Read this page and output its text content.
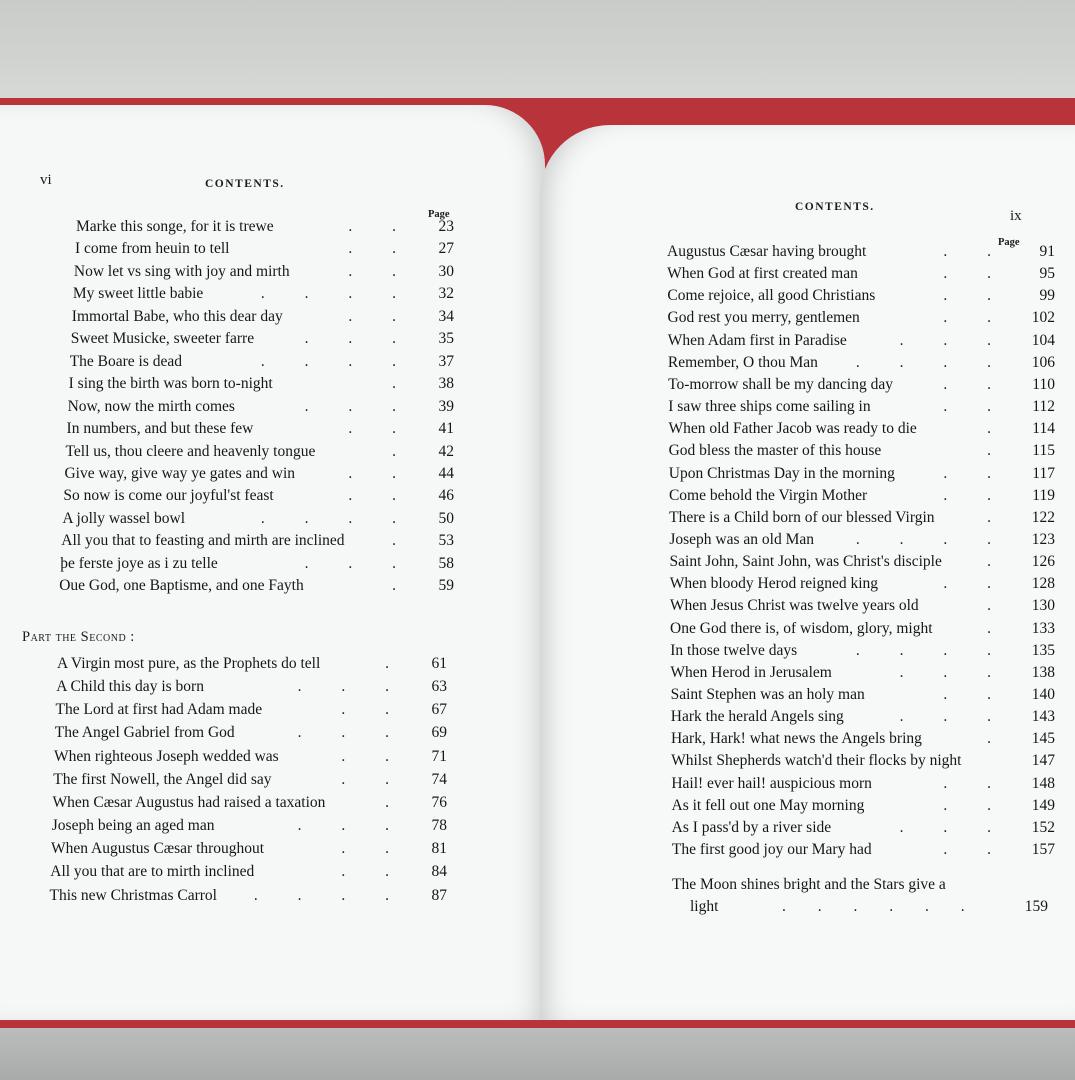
vi	CONTENTS.
Page
Marke this songe, for it is trewe	. . 23
I come from heuin to tell	. . 27
Now let vs sing with joy and mirth	. . 30
My sweet little babie	. . . . 32
Immortal Babe, who this dear day	. . 34
Sweet Musicke, sweeter farre	. . . 35
The Boare is dead	. . . . 37
I sing the birth was born to-night	. 38
Now, now the mirth comes	. . . 39
In numbers, and but these few	. . 41
Tell us, thou cleere and heavenly tongue	. 42
Give way, give way ye gates and win	. . 44
So now is come our joyful'st feast	. . 46
A jolly wassel bowl	. . . . 50
All you that to feasting and mirth are inclined	. 53
þe ferste joye as i zu telle	. . . 58
Oue God, one Baptisme, and one Fayth	. 59
Part the Second :
A Virgin most pure, as the Prophets do tell	. 61
A Child this day is born	. . . 63
The Lord at first had Adam made	. . 67
The Angel Gabriel from God	. . . 69
When righteous Joseph wedded was	. . 71
The first Nowell, the Angel did say	. . 74
When Cæsar Augustus had raised a taxation	. 76
Joseph being an aged man	. . . 78
When Augustus Cæsar throughout	. . 81
All you that are to mirth inclined	. . 84
This new Christmas Carrol . . . . 87
CONTENTS.
ix
Page
Augustus Cæsar having brought	. . 91
When God at first created man	. . 95
Come rejoice, all good Christians	. . 99
God rest you merry, gentlemen	. . 102
When Adam first in Paradise	. . . 104
Remember, O thou Man . . . . 106
To-morrow shall be my dancing day	. . 110
I saw three ships come sailing in	. . 112
When old Father Jacob was ready to die	. 114
God bless the master of this house	. 115
Upon Christmas Day in the morning	. . 117
Come behold the Virgin Mother	. . 119
There is a Child born of our blessed Virgin	. 122
Joseph was an old Man	. . . . 123
Saint John, Saint John, was Christ's disciple	. 126
When bloody Herod reigned king	. . 128
When Jesus Christ was twelve years old	. 130
One God there is, of wisdom, glory, might	. 133
In those twelve days	. . . . 135
When Herod in Jerusalem	. . . 138
Saint Stephen was an holy man	. . 140
Hark the herald Angels sing	. . . 143
Hark, Hark! what news the Angels bring	. 145
Whilst Shepherds watch'd their flocks by night	147
Hail! ever hail! auspicious morn	. . 148
As it fell out one May morning	. . 149
As I pass'd by a river side	. . . 152
The first good joy our Mary had	. . 157
The Moon shines bright and the Stars give a
light	. . . . . .	159
